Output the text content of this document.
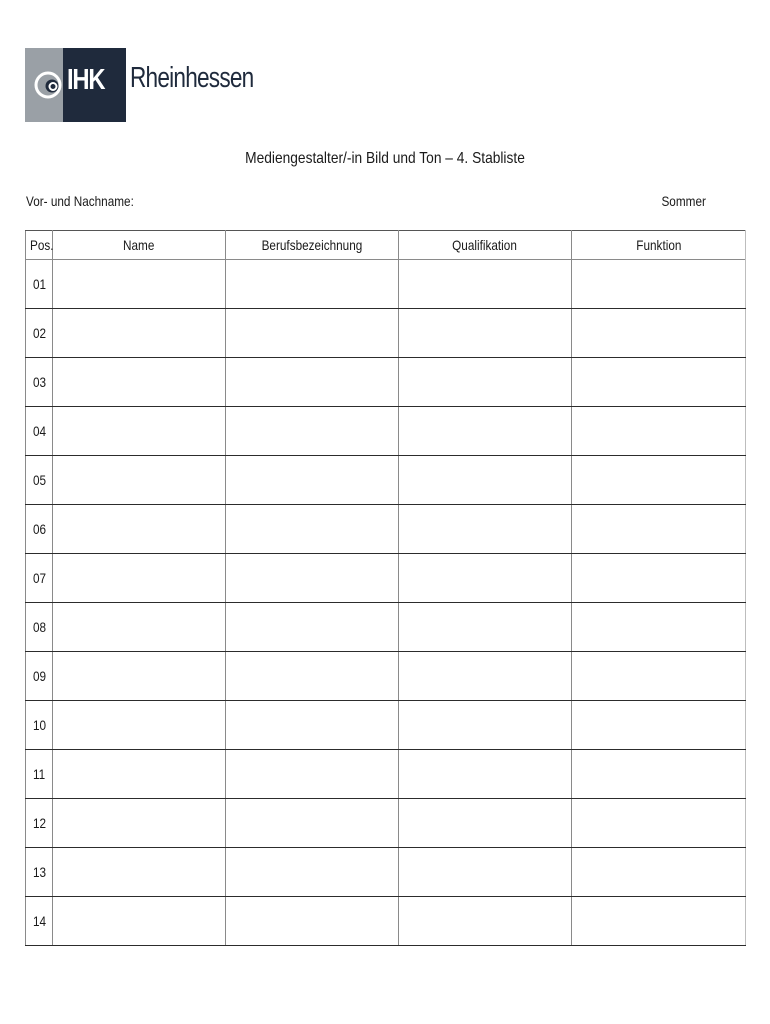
IHK Rheinhessen
Mediengestalter/-in Bild und Ton – 4. Stabliste
Vor- und Nachname:	Sommer
Pos.	Name	Berufsbezeichnung	Qualifikation	Funktion
01				
02				
03				
04				
05				
06				
07				
08				
09				
10				
11				
12				
13				
14				
